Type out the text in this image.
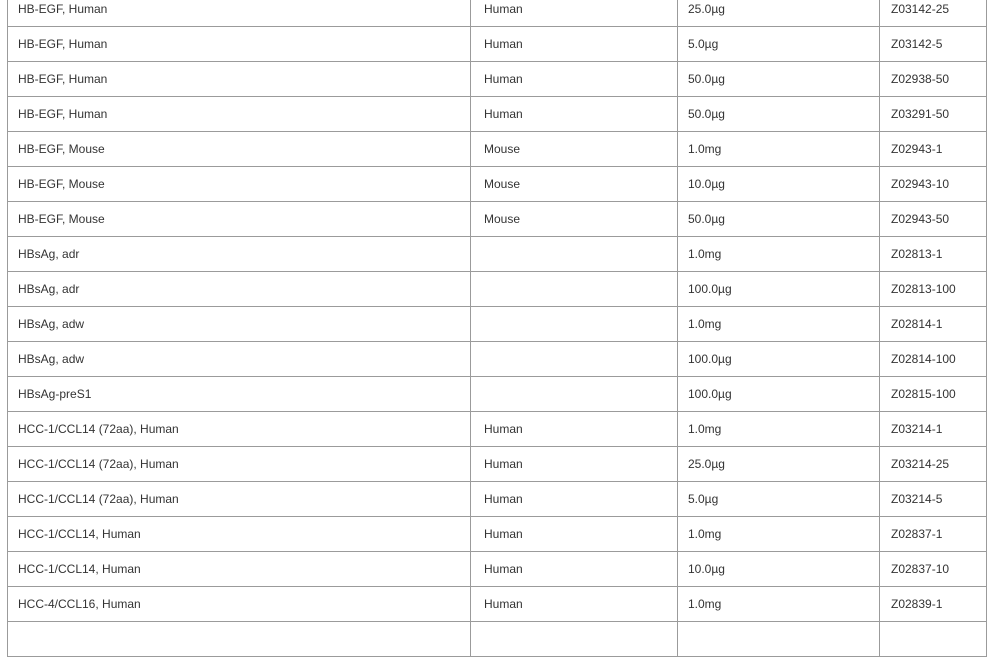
HB-EGF, Human	Human	25.0µg	Z03142-25
HB-EGF, Human	Human	5.0µg	Z03142-5
HB-EGF, Human	Human	50.0µg	Z02938-50
HB-EGF, Human	Human	50.0µg	Z03291-50
HB-EGF, Mouse	Mouse	1.0mg	Z02943-1
HB-EGF, Mouse	Mouse	10.0µg	Z02943-10
HB-EGF, Mouse	Mouse	50.0µg	Z02943-50
HBsAg, adr		1.0mg	Z02813-1
HBsAg, adr		100.0µg	Z02813-100
HBsAg, adw		1.0mg	Z02814-1
HBsAg, adw		100.0µg	Z02814-100
HBsAg-preS1		100.0µg	Z02815-100
HCC-1/CCL14 (72aa), Human	Human	1.0mg	Z03214-1
HCC-1/CCL14 (72aa), Human	Human	25.0µg	Z03214-25
HCC-1/CCL14 (72aa), Human	Human	5.0µg	Z03214-5
HCC-1/CCL14, Human	Human	1.0mg	Z02837-1
HCC-1/CCL14, Human	Human	10.0µg	Z02837-10
HCC-4/CCL16, Human	Human	1.0mg	Z02839-1
